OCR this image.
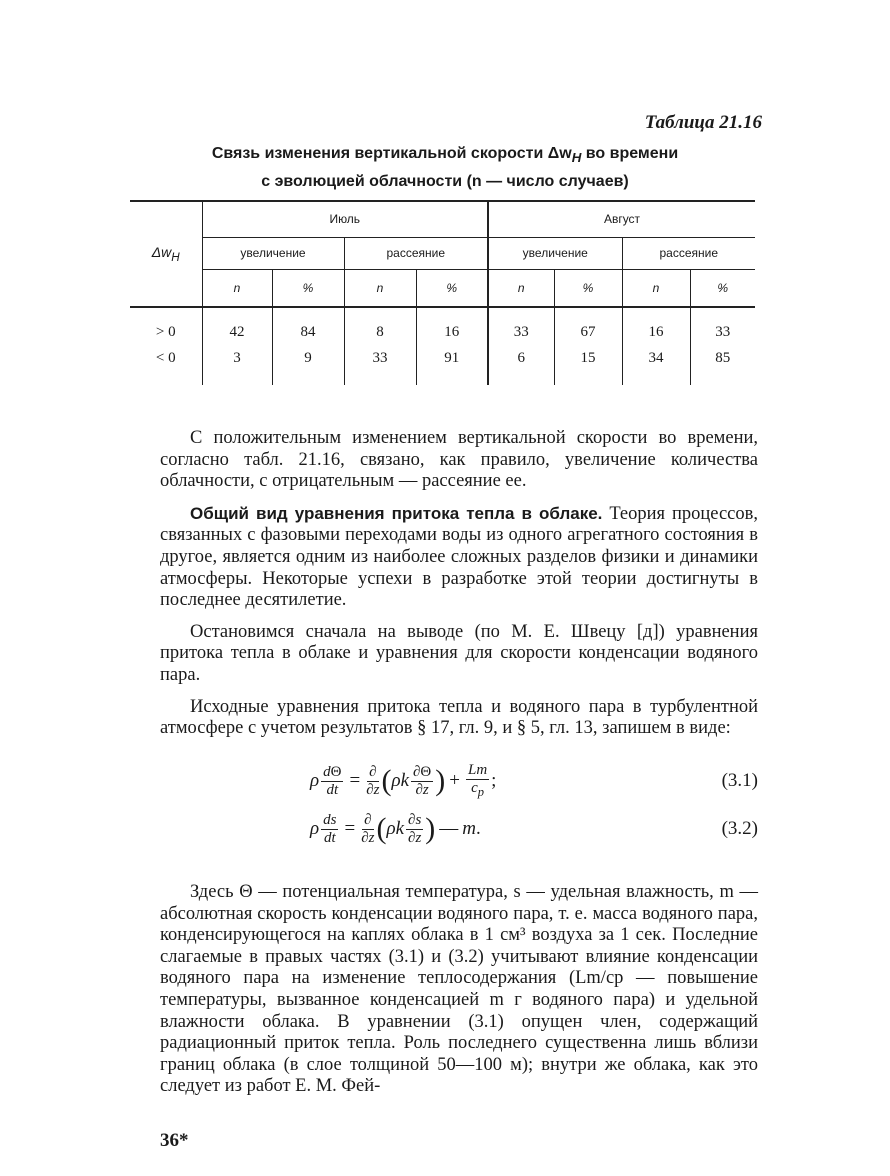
Таблица 21.16
Связь изменения вертикальной скорости $\Delta w_H$ во времени
с эволюцией облачности (n — число случаев)
$\Delta w_H$	Июль				Август			
	увеличение		рассеяние		увеличение		рассеяние	
	n	%	n	%	n	%	n	%

> 0	42	84	8	16	33	67	16	33
< 0	3	9	33	91	6	15	34	85

С положительным изменением вертикальной скорости во времени, согласно табл. 21.16, связано, как правило, увеличение количества облачности, с отрицательным — рассеяние ее.

Общий вид уравнения притока тепла в облаке. Теория процессов, связанных с фазовыми переходами воды из одного агрегатного состояния в другое, является одним из наиболее сложных разделов физики и динамики атмосферы. Некоторые успехи в разработке этой теории достигнуты в последнее десятилетие.

Остановимся сначала на выводе (по М. Е. Швецу [д]) уравнения притока тепла в облаке и уравнения для скорости конденсации водяного пара.

Исходные уравнения притока тепла и водяного пара в турбулентной атмосфере с учетом результатов § 17, гл. 9, и § 5, гл. 13, запишем в виде:

ρ $\frac{d\Theta}{dt} = \frac{\partial}{\partial z}$ ( ρk $\frac{\partial\Theta}{\partial z}$ ) + $\frac{Lm}{c_p}$ ;	(3.1)
ρ $\frac{ds}{dt} = \frac{\partial}{\partial z}$ ( ρk $\frac{\partial s}{\partial z}$ ) — m .	(3.2)

Здесь Θ — потенциальная температура, s — удельная влажность, m — абсолютная скорость конденсации водяного пара, т. е. масса водяного пара, конденсирующегося на каплях облака в 1 см³ воздуха за 1 сек. Последние слагаемые в правых частях (3.1) и (3.2) учитывают влияние конденсации водяного пара на изменение теплосодержания (Lm/cp — повышение температуры, вызванное конденсацией m г водяного пара) и удельной влажности облака. В уравнении (3.1) опущен член, содержащий радиационный приток тепла. Роль последнего существенна лишь вблизи границ облака (в слое толщиной 50—100 м); внутри же облака, как это следует из работ Е. М. Фей-

36*
